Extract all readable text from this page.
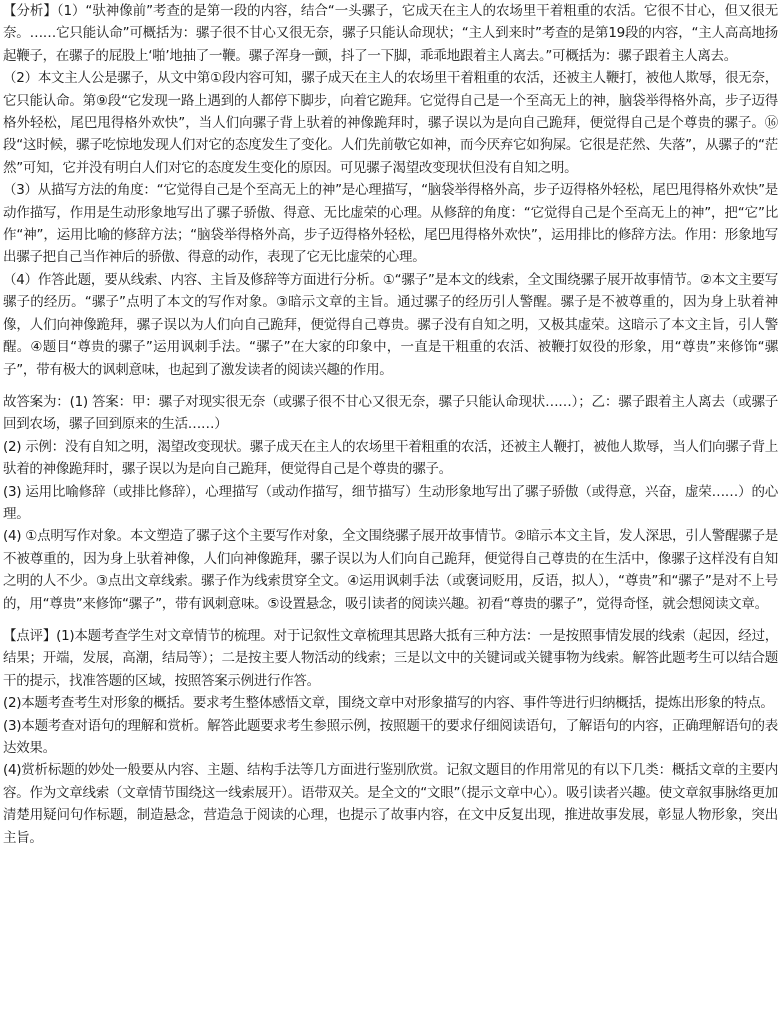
【分析】（1）“驮神像前”考查的是第一段的内容，结合“一头骡子，它成天在主人的农场里干着粗重的农活。它很不甘心，但又很无奈。……它只能认命”可概括为：骡子很不甘心又很无奈，骡子只能认命现状；“主人到来时”考查的是第19段的内容，“主人高高地扬起鞭子，在骡子的屁股上‘啪’地抽了一鞭。骡子浑身一颤，抖了一下脚，乖乖地跟着主人离去。”可概括为：骡子跟着主人离去。

（2）本文主人公是骡子，从文中第①段内容可知，骡子成天在主人的农场里干着粗重的农活，还被主人鞭打，被他人欺辱，很无奈，它只能认命。第⑨段“它发现一路上遇到的人都停下脚步，向着它跪拜。它觉得自己是一个至高无上的神，脑袋举得格外高，步子迈得格外轻松，尾巴甩得格外欢快”，当人们向骡子背上驮着的神像跪拜时，骡子误以为是向自己跪拜，便觉得自己是个尊贵的骡子。⑯段“这时候，骡子吃惊地发现人们对它的态度发生了变化。人们先前敬它如神，而今厌弃它如狗屎。它很是茫然、失落”，从骡子的“茫然”可知，它并没有明白人们对它的态度发生变化的原因。可见骡子渴望改变现状但没有自知之明。

（3）从描写方法的角度：“它觉得自己是个至高无上的神”是心理描写，“脑袋举得格外高，步子迈得格外轻松，尾巴甩得格外欢快”是动作描写，作用是生动形象地写出了骡子骄傲、得意、无比虚荣的心理。从修辞的角度：“它觉得自己是个至高无上的神”，把“它”比作“神”，运用比喻的修辞方法；“脑袋举得格外高，步子迈得格外轻松，尾巴甩得格外欢快”，运用排比的修辞方法。作用：形象地写出骡子把自己当作神后的骄傲、得意的动作，表现了它无比虚荣的心理。

（4）作答此题，要从线索、内容、主旨及修辞等方面进行分析。①“骡子”是本文的线索，全文围绕骡子展开故事情节。②本文主要写骡子的经历。“骡子”点明了本文的写作对象。③暗示文章的主旨。通过骡子的经历引人警醒。骡子是不被尊重的，因为身上驮着神像，人们向神像跪拜，骡子误以为人们向自己跪拜，便觉得自己尊贵。骡子没有自知之明，又极其虚荣。这暗示了本文主旨，引人警醒。④题目“尊贵的骡子”运用讽刺手法。“骡子”在大家的印象中，一直是干粗重的农活、被鞭打奴役的形象，用“尊贵”来修饰“骡子”，带有极大的讽刺意味，也起到了激发读者的阅读兴趣的作用。

故答案为：(1) 答案：甲：骡子对现实很无奈（或骡子很不甘心又很无奈，骡子只能认命现状……）；乙：骡子跟着主人离去（或骡子回到农场，骡子回到原来的生活……）

(2) 示例：没有自知之明，渴望改变现状。骡子成天在主人的农场里干着粗重的农活，还被主人鞭打，被他人欺辱，当人们向骡子背上驮着的神像跪拜时，骡子误以为是向自己跪拜，便觉得自己是个尊贵的骡子。

(3) 运用比喻修辞（或排比修辞），心理描写（或动作描写，细节描写）生动形象地写出了骡子骄傲（或得意，兴奋，虚荣……）的心理。

(4) ①点明写作对象。本文塑造了骡子这个主要写作对象，全文围绕骡子展开故事情节。②暗示本文主旨，发人深思，引人警醒骡子是不被尊重的，因为身上驮着神像，人们向神像跪拜，骡子误以为人们向自己跪拜，便觉得自己尊贵的在生活中，像骡子这样没有自知之明的人不少。③点出文章线索。骡子作为线索贯穿全文。④运用讽刺手法（或褒词贬用，反语，拟人），“尊贵”和“骡子”是对不上号的，用“尊贵”来修饰“骡子”，带有讽刺意味。⑤设置悬念，吸引读者的阅读兴趣。初看“尊贵的骡子”，觉得奇怪，就会想阅读文章。

【点评】(1)本题考查学生对文章情节的梳理。对于记叙性文章梳理其思路大抵有三种方法：一是按照事情发展的线索（起因，经过，结果；开端，发展，高潮，结局等）；二是按主要人物活动的线索；三是以文中的关键词或关键事物为线索。解答此题考生可以结合题干的提示，找准答题的区域，按照答案示例进行作答。

(2)本题考查考生对形象的概括。要求考生整体感悟文章，围绕文章中对形象描写的内容、事件等进行归纳概括，提炼出形象的特点。

(3)本题考查对语句的理解和赏析。解答此题要求考生参照示例，按照题干的要求仔细阅读语句，了解语句的内容，正确理解语句的表达效果。

(4)赏析标题的妙处一般要从内容、主题、结构手法等几方面进行鉴别欣赏。记叙文题目的作用常见的有以下几类：概括文章的主要内容。作为文章线索（文章情节围绕这一线索展开）。语带双关。是全文的“文眼”（提示文章中心）。吸引读者兴趣。使文章叙事脉络更加清楚用疑问句作标题，制造悬念，营造急于阅读的心理，也提示了故事内容，在文中反复出现，推进故事发展，彰显人物形象，突出主旨。
